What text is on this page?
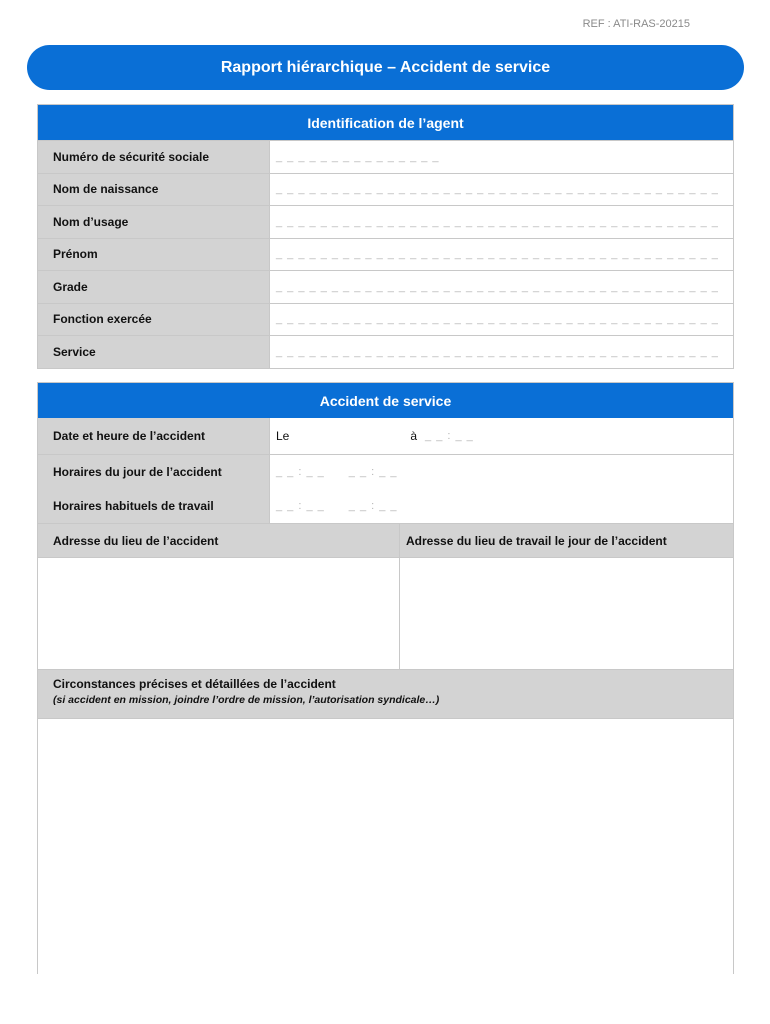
REF : ATI-RAS-20215
Rapport hiérarchique – Accident de service
Identification de l’agent
Numéro de sécurité sociale	_ _ _ _ _ _ _ _ _ _ _ _ _ _ _
Nom de naissance	_ _ _ _ _ _ _ _ _ _ _ _ _ _ _ _ _ _ _ _ _ _ _ _ _ _ _ _ _ _ _ _ _ _ _ _ _ _ _ _
Nom d’usage	_ _ _ _ _ _ _ _ _ _ _ _ _ _ _ _ _ _ _ _ _ _ _ _ _ _ _ _ _ _ _ _ _ _ _ _ _ _ _ _
Prénom	_ _ _ _ _ _ _ _ _ _ _ _ _ _ _ _ _ _ _ _ _ _ _ _ _ _ _ _ _ _ _ _ _ _ _ _ _ _ _ _
Grade	_ _ _ _ _ _ _ _ _ _ _ _ _ _ _ _ _ _ _ _ _ _ _ _ _ _ _ _ _ _ _ _ _ _ _ _ _ _ _ _
Fonction exercée	_ _ _ _ _ _ _ _ _ _ _ _ _ _ _ _ _ _ _ _ _ _ _ _ _ _ _ _ _ _ _ _ _ _ _ _ _ _ _ _
Service	_ _ _ _ _ _ _ _ _ _ _ _ _ _ _ _ _ _ _ _ _ _ _ _ _ _ _ _ _ _ _ _ _ _ _ _ _ _ _ _
Accident de service
Date et heure de l’accident	Le	à _ _ : _ _
Horaires du jour de l’accident	_ _ : _ _ _ _ : _ _
Horaires habituels de travail	_ _ : _ _ _ _ : _ _
Adresse du lieu de l’accident	Adresse du lieu de travail le jour de l’accident
Circonstances précises et détaillées de l’accident
(si accident en mission, joindre l’ordre de mission, l’autorisation syndicale…)
